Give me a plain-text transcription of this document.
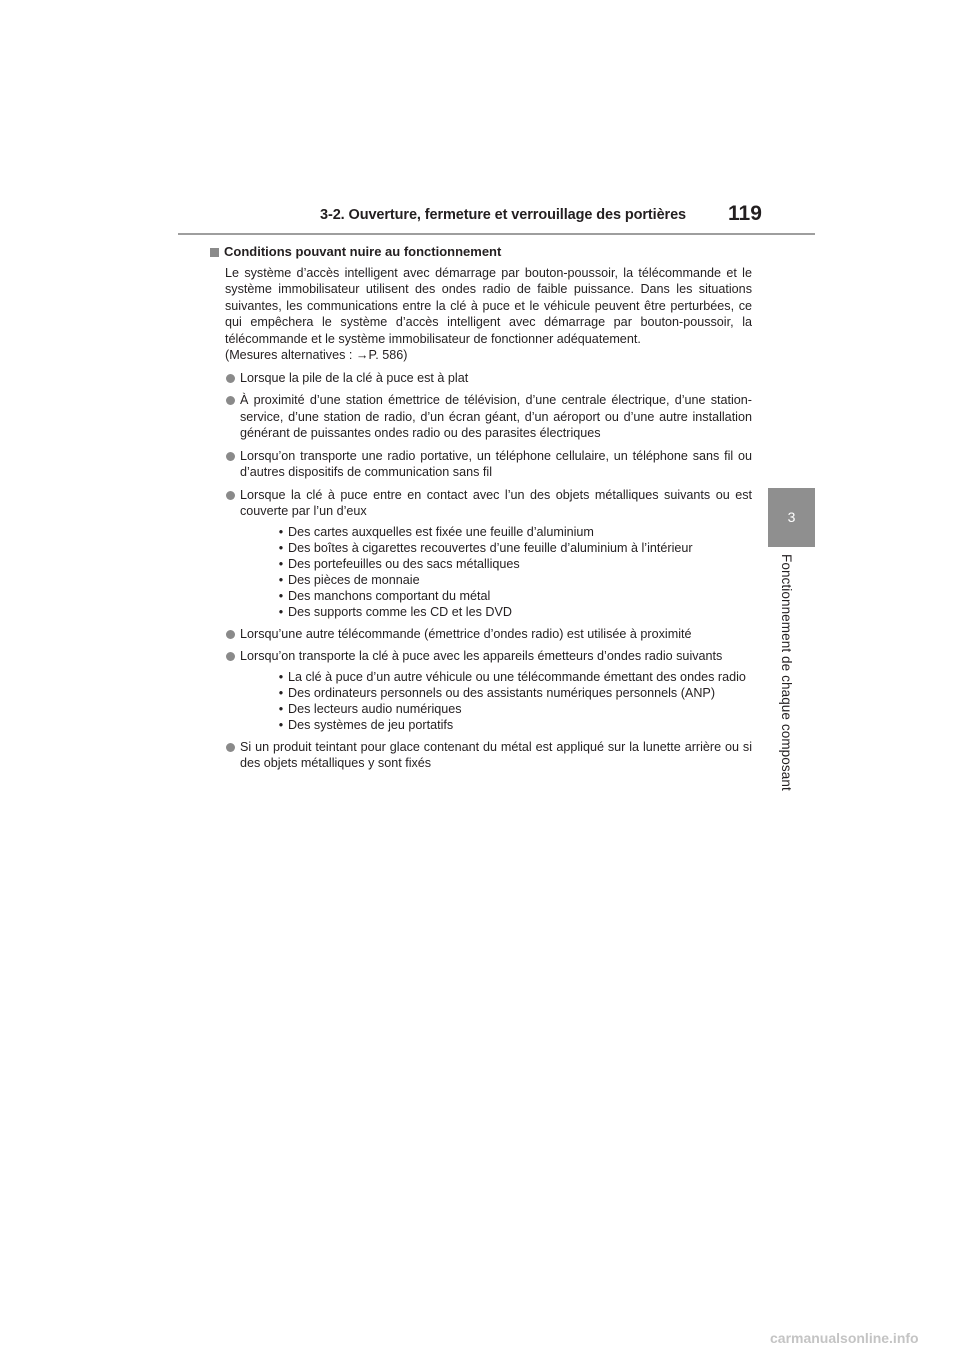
3-2. Ouverture, fermeture et verrouillage des portières 119
3
Fonctionnement de chaque composant
Conditions pouvant nuire au fonctionnement

Le système d’accès intelligent avec démarrage par bouton-poussoir, la télécommande et le système immobilisateur utilisent des ondes radio de faible puissance. Dans les situations suivantes, les communications entre la clé à puce et le véhicule peuvent être perturbées, ce qui empêchera le système d’accès intelligent avec démarrage par bouton-poussoir, la télécommande et le système immobilisateur de fonctionner adéquatement.
(Mesures alternatives : →P. 586)

Lorsque la pile de la clé à puce est à plat
À proximité d’une station émettrice de télévision, d’une centrale électrique, d’une station-service, d’une station de radio, d’un écran géant, d’un aéroport ou d’une autre installation générant de puissantes ondes radio ou des parasites électriques
Lorsqu’on transporte une radio portative, un téléphone cellulaire, un téléphone sans fil ou d’autres dispositifs de communication sans fil
Lorsque la clé à puce entre en contact avec l’un des objets métalliques suivants ou est couverte par l’un d’eux
• Des cartes auxquelles est fixée une feuille d’aluminium
• Des boîtes à cigarettes recouvertes d’une feuille d’aluminium à l’intérieur
• Des portefeuilles ou des sacs métalliques
• Des pièces de monnaie
• Des manchons comportant du métal
• Des supports comme les CD et les DVD
Lorsqu’une autre télécommande (émettrice d’ondes radio) est utilisée à proximité
Lorsqu’on transporte la clé à puce avec les appareils émetteurs d’ondes radio suivants
• La clé à puce d’un autre véhicule ou une télécommande émettant des ondes radio
• Des ordinateurs personnels ou des assistants numériques personnels (ANP)
• Des lecteurs audio numériques
• Des systèmes de jeu portatifs
Si un produit teintant pour glace contenant du métal est appliqué sur la lunette arrière ou si des objets métalliques y sont fixés
carmanualsonline.info
